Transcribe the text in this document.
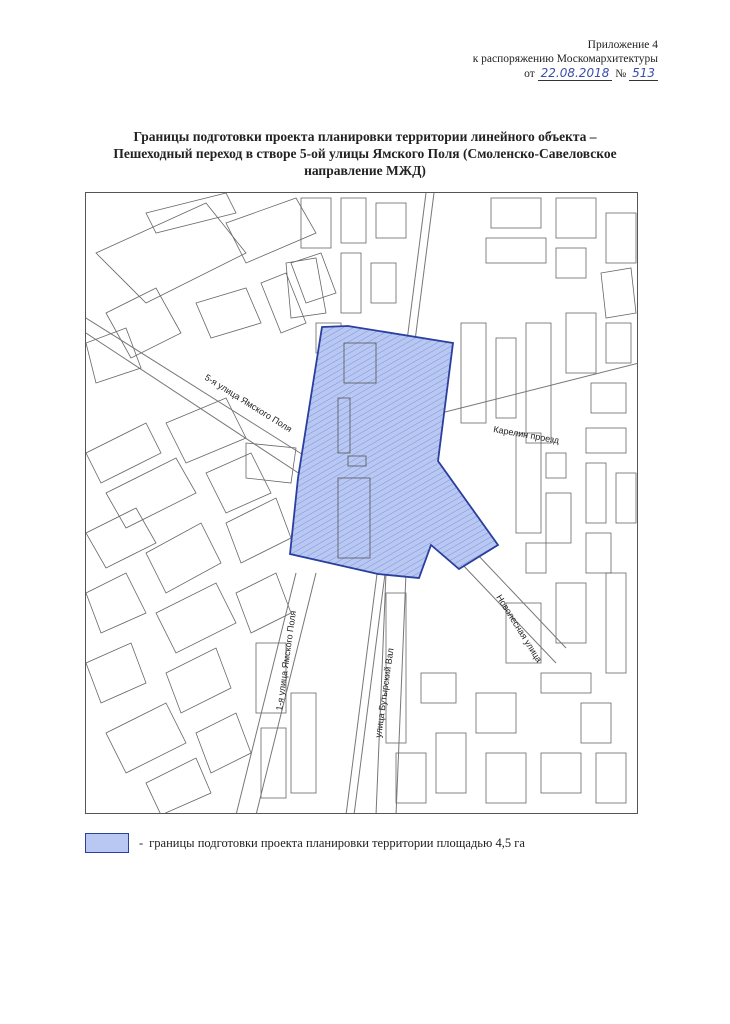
Приложение 4
к распоряжению Москомархитектуры
от 22.08.2018 № 513
Границы подготовки проекта планировки территории линейного объекта –
Пешеходный переход в створе 5-ой улицы Ямского Поля (Смоленско-Савеловское
направление МЖД)
5-я улица Ямского Поля
Карелин проезд
Новолесная улица
улица Бутырский Вал
1-я улица Ямского Поля
- границы подготовки проекта планировки территории площадью 4,5 га
